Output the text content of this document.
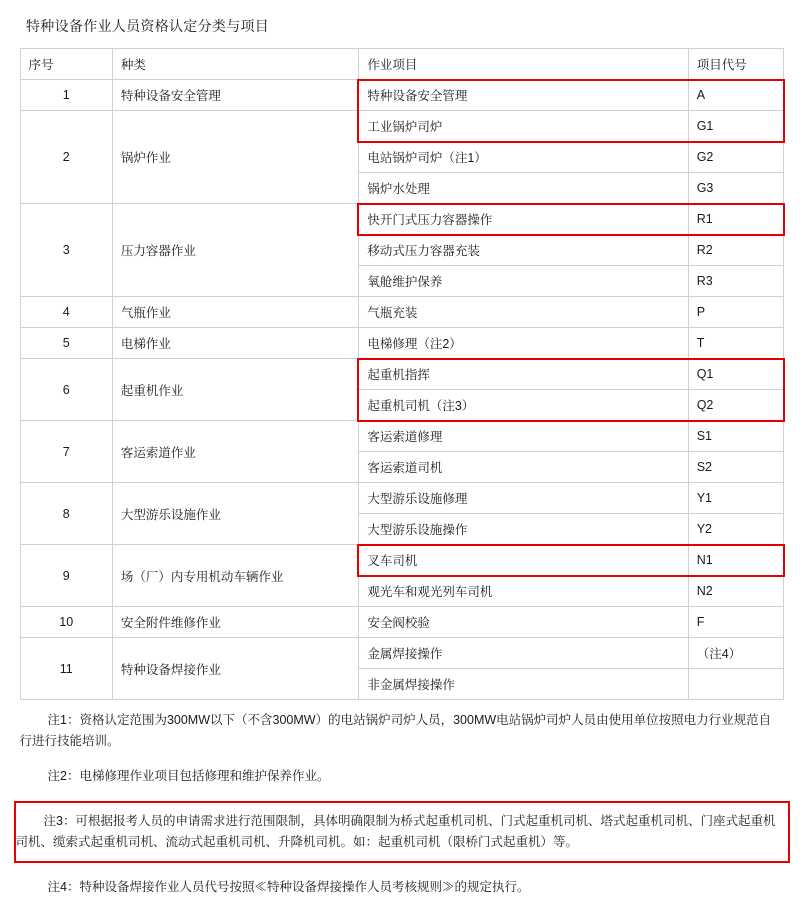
特种设备作业人员资格认定分类与项目
序号	种类	作业项目	项目代号
1	特种设备安全管理	特种设备安全管理	A
2	锅炉作业	工业锅炉司炉	G1
		电站锅炉司炉（注1）	G2
		锅炉水处理	G3
3	压力容器作业	快开门式压力容器操作	R1
		移动式压力容器充装	R2
		氧舱维护保养	R3
4	气瓶作业	气瓶充装	P
5	电梯作业	电梯修理（注2）	T
6	起重机作业	起重机指挥	Q1
		起重机司机（注3）	Q2
7	客运索道作业	客运索道修理	S1
		客运索道司机	S2
8	大型游乐设施作业	大型游乐设施修理	Y1
		大型游乐设施操作	Y2
9	场（厂）内专用机动车辆作业	叉车司机	N1
		观光车和观光列车司机	N2
10	安全附件维修作业	安全阀校验	F
11	特种设备焊接作业	金属焊接操作	（注4）
		非金属焊接操作	

注1：资格认定范围为300MW以下（不含300MW）的电站锅炉司炉人员，300MW电站锅炉司炉人员由使用单位按照电力行业规范自行进行技能培训。

注2：电梯修理作业项目包括修理和维护保养作业。

注3：可根据报考人员的申请需求进行范围限制，具体明确限制为桥式起重机司机、门式起重机司机、塔式起重机司机、门座式起重机司机、缆索式起重机司机、流动式起重机司机、升降机司机。如：起重机司机（限桥门式起重机）等。

注4：特种设备焊接作业人员代号按照≪特种设备焊接操作人员考核规则≫的规定执行。
